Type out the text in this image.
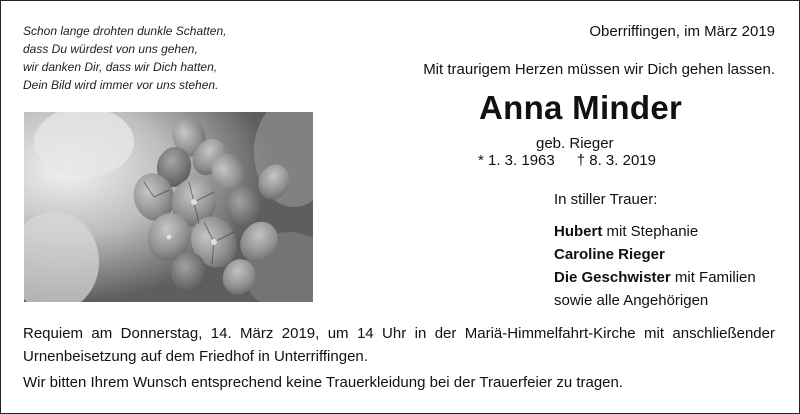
Schon lange drohten dunkle Schatten,
dass Du würdest von uns gehen,
wir danken Dir, dass wir Dich hatten,
Dein Bild wird immer vor uns stehen.
Oberriffingen, im März 2019
Mit traurigem Herzen müssen wir Dich gehen lassen.
Anna Minder
geb. Rieger
* 1. 3. 1963 † 8. 3. 2019
In stiller Trauer:
Hubert mit Stephanie
Caroline Rieger
Die Geschwister mit Familien
sowie alle Angehörigen

Requiem am Donnerstag, 14. März 2019, um 14 Uhr in der Mariä-Himmelfahrt-Kirche mit anschließender Urnenbeisetzung auf dem Friedhof in Unterriffingen.

Wir bitten Ihrem Wunsch entsprechend keine Trauerkleidung bei der Trauerfeier zu tragen.
